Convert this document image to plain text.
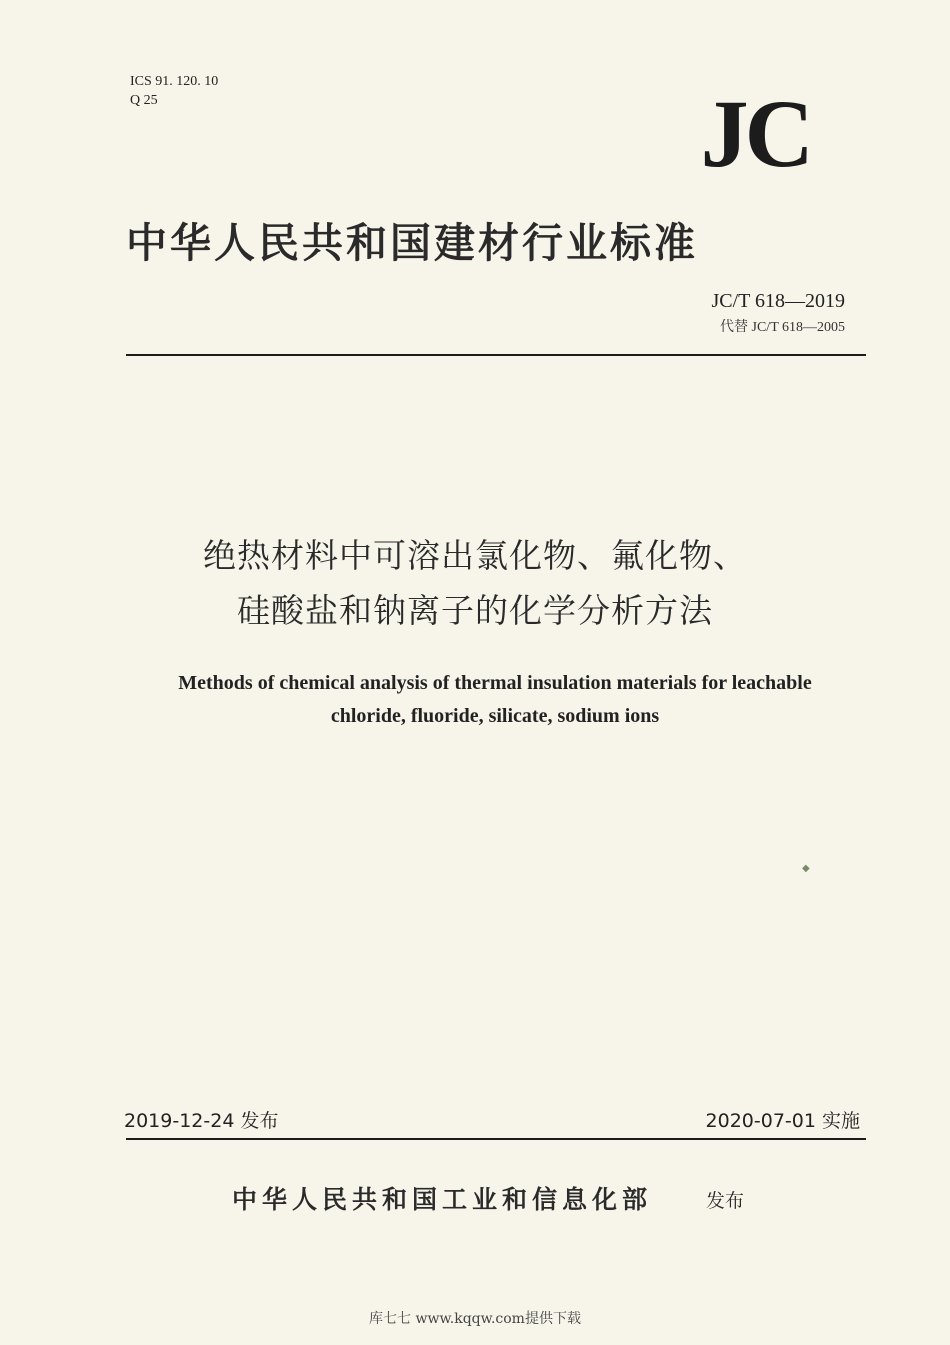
ICS 91. 120. 10
Q 25	JC
中华人民共和国建材行业标准
JC/T 618—2019
代替 JC/T 618—2005
绝热材料中可溶出氯化物、氟化物、
硅酸盐和钠离子的化学分析方法
Methods of chemical analysis of thermal insulation materials for leachable
chloride, fluoride, silicate, sodium ions
◆
2019-12-24 发布	2020-07-01 实施
中华人民共和国工业和信息化部	发布
库七七 www.kqqw.com提供下载
